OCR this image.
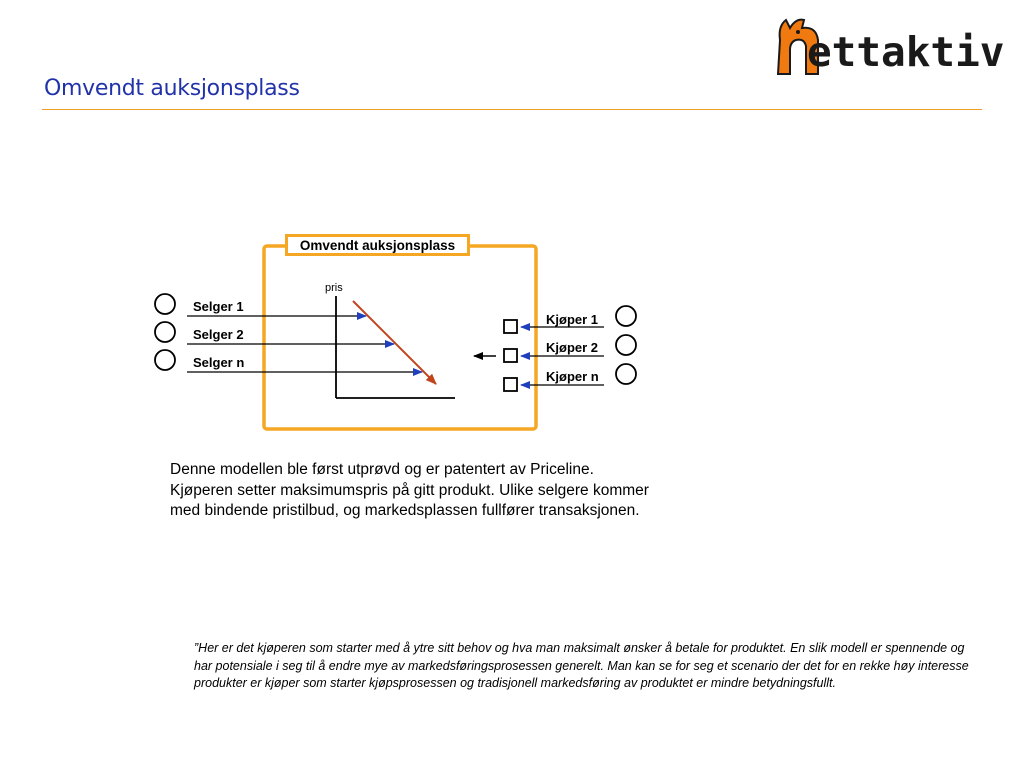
ettaktiv
Omvendt auksjonsplass
Omvendt auksjonsplass
pris
Selger 1
Selger 2
Selger n
Kjøper 1
Kjøper 2
Kjøper n
Denne modellen ble først utprøvd og er patentert av Priceline. Kjøperen setter maksimumspris på gitt produkt. Ulike selgere kommer med bindende pristilbud, og markedsplassen fullfører transaksjonen.
”Her er det kjøperen som starter med å ytre sitt behov og hva man maksimalt ønsker å betale for produktet. En slik modell er spennende og har potensiale i seg til å endre mye av markedsføringsprosessen generelt. Man kan se for seg et scenario der det for en rekke høy interesse produkter er kjøper som starter kjøpsprosessen og tradisjonell markedsføring av produktet er mindre betydningsfullt.
